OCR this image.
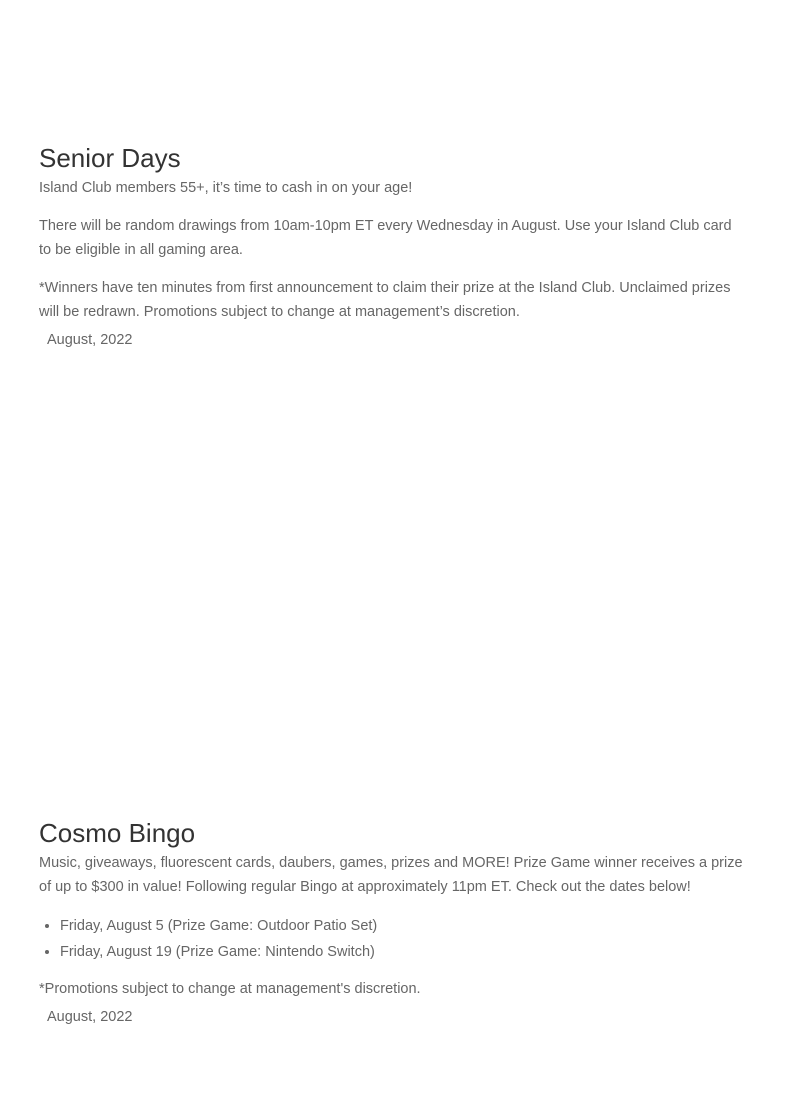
Senior Days

Island Club members 55+, it’s time to cash in on your age!

There will be random drawings from 10am-10pm ET every Wednesday in August. Use your Island Club card to be eligible in all gaming area.

*Winners have ten minutes from first announcement to claim their prize at the Island Club. Unclaimed prizes will be redrawn. Promotions subject to change at management’s discretion.

August, 2022

Cosmo Bingo

Music, giveaways, fluorescent cards, daubers, games, prizes and MORE! Prize Game winner receives a prize of up to $300 in value! Following regular Bingo at approximately 11pm ET. Check out the dates below!

• Friday, August 5 (Prize Game: Outdoor Patio Set)
• Friday, August 19 (Prize Game: Nintendo Switch)

*Promotions subject to change at management's discretion.

August, 2022
